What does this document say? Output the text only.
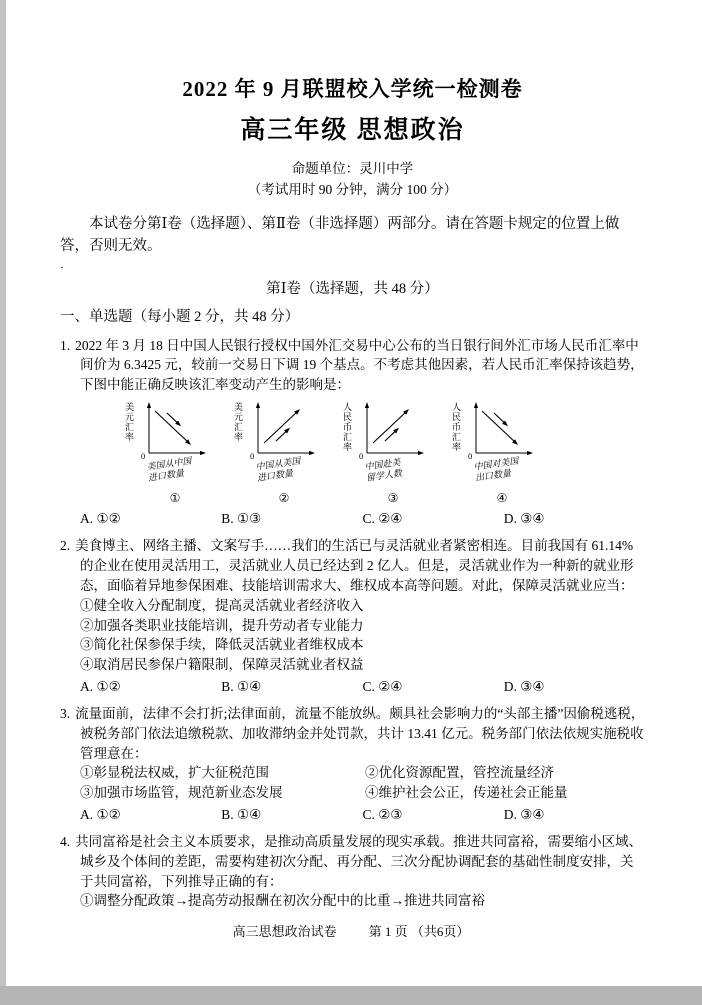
2022 年 9 月联盟校入学统一检测卷
高三年级 思想政治
命题单位：灵川中学
（考试用时 90 分钟，满分 100 分）

本试卷分第Ⅰ卷（选择题）、第Ⅱ卷（非选择题）两部分。请在答题卡规定的位置上做答，否则无效。

·
第Ⅰ卷（选择题，共 48 分）
一、单选题（每小题 2 分，共 48 分）

1. 2022 年 3 月 18 日中国人民银行授权中国外汇交易中心公布的当日银行间外汇市场人民币汇率中间价为 6.3425 元，较前一交易日下调 19 个基点。不考虑其他因素，若人民币汇率保持该趋势，下图中能正确反映该汇率变动产生的影响是：

美元汇率
0 美国从中国
进口数量
①
美元汇率
0 中国从美国
进口数量
②
人民币汇率
0
中国赴美
留学人数
③
人民币汇率
0 中国对美国
出口数量
④
A. ①②	B. ①③	C. ②④	D. ③④

2. 美食博主、网络主播、文案写手……我们的生活已与灵活就业者紧密相连。目前我国有 61.14%的企业在使用灵活用工，灵活就业人员已经达到 2 亿人。但是，灵活就业作为一种新的就业形态，面临着异地参保困难、技能培训需求大、维权成本高等问题。对此，保障灵活就业应当：

①健全收入分配制度，提高灵活就业者经济收入
②加强各类职业技能培训，提升劳动者专业能力
③简化社保参保手续，降低灵活就业者维权成本
④取消居民参保户籍限制，保障灵活就业者权益
A. ①②	B. ①④	C. ②④	D. ③④

3. 流量面前，法律不会打折;法律面前，流量不能放纵。颇具社会影响力的“头部主播”因偷税逃税，被税务部门依法追缴税款、加收滞纳金并处罚款，共计 13.41 亿元。税务部门依法依规实施税收管理意在：

①彰显税法权威，扩大征税范围	②优化资源配置，管控流量经济
③加强市场监管，规范新业态发展	④维护社会公正，传递社会正能量
A. ①②	B. ①④	C. ②③	D. ③④

4. 共同富裕是社会主义本质要求，是推动高质量发展的现实承载。推进共同富裕，需要缩小区域、城乡及个体间的差距，需要构建初次分配、再分配、三次分配协调配套的基础性制度安排，关于共同富裕，下列推导正确的有：

①调整分配政策→提高劳动报酬在初次分配中的比重→推进共同富裕
高三思想政治试卷 第 1 页 （共6页）
